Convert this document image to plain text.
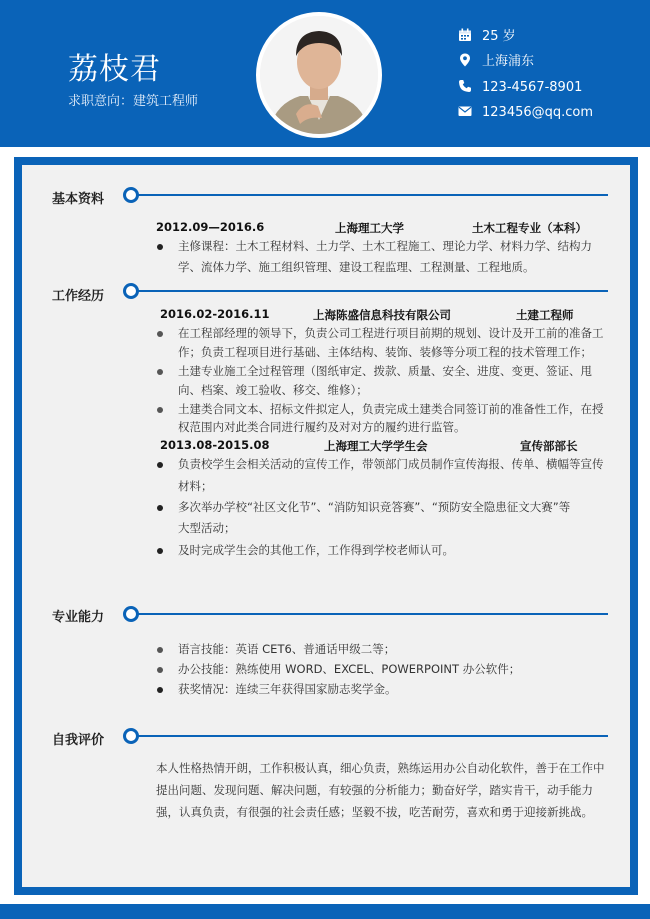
荔枝君
求职意向：建筑工程师
25 岁
上海浦东
123-4567-8901
123456@qq.com
基本资料
2012.09—2016.6	上海理工大学	土木工程专业（本科）
主修课程：土木工程材料、土力学、土木工程施工、理论力学、材料力学、结构力
学、流体力学、施工组织管理、建设工程监理、工程测量、工程地质。
工作经历
2016.02-2016.11	上海陈盛信息科技有限公司	土建工程师
在工程部经理的领导下，负责公司工程进行项目前期的规划、设计及开工前的准备工
作；负责工程项目进行基础、主体结构、装饰、装修等分项工程的技术管理工作；
土建专业施工全过程管理（图纸审定、拨款、质量、安全、进度、变更、签证、甩
向、档案、竣工验收、移交、维修）；
土建类合同文本、招标文件拟定人，负责完成土建类合同签订前的准备性工作，在授
权范围内对此类合同进行履约及对对方的履约进行监管。
2013.08-2015.08	上海理工大学学生会	宣传部部长
负责校学生会相关活动的宣传工作，带领部门成员制作宣传海报、传单、横幅等宣传
材料；
多次举办学校“社区文化节”、“消防知识竞答赛”、“预防安全隐患征文大赛”等
大型活动；
及时完成学生会的其他工作，工作得到学校老师认可。
专业能力
语言技能：英语 CET6、普通话甲级二等；
办公技能：熟练使用 WORD、EXCEL、POWERPOINT 办公软件；
获奖情况：连续三年获得国家励志奖学金。
自我评价
本人性格热情开朗，工作积极认真，细心负责，熟练运用办公自动化软件，善于在工作中
提出问题、发现问题、解决问题，有较强的分析能力；勤奋好学，踏实肯干，动手能力
强，认真负责，有很强的社会责任感；坚毅不拔，吃苦耐劳，喜欢和勇于迎接新挑战。
